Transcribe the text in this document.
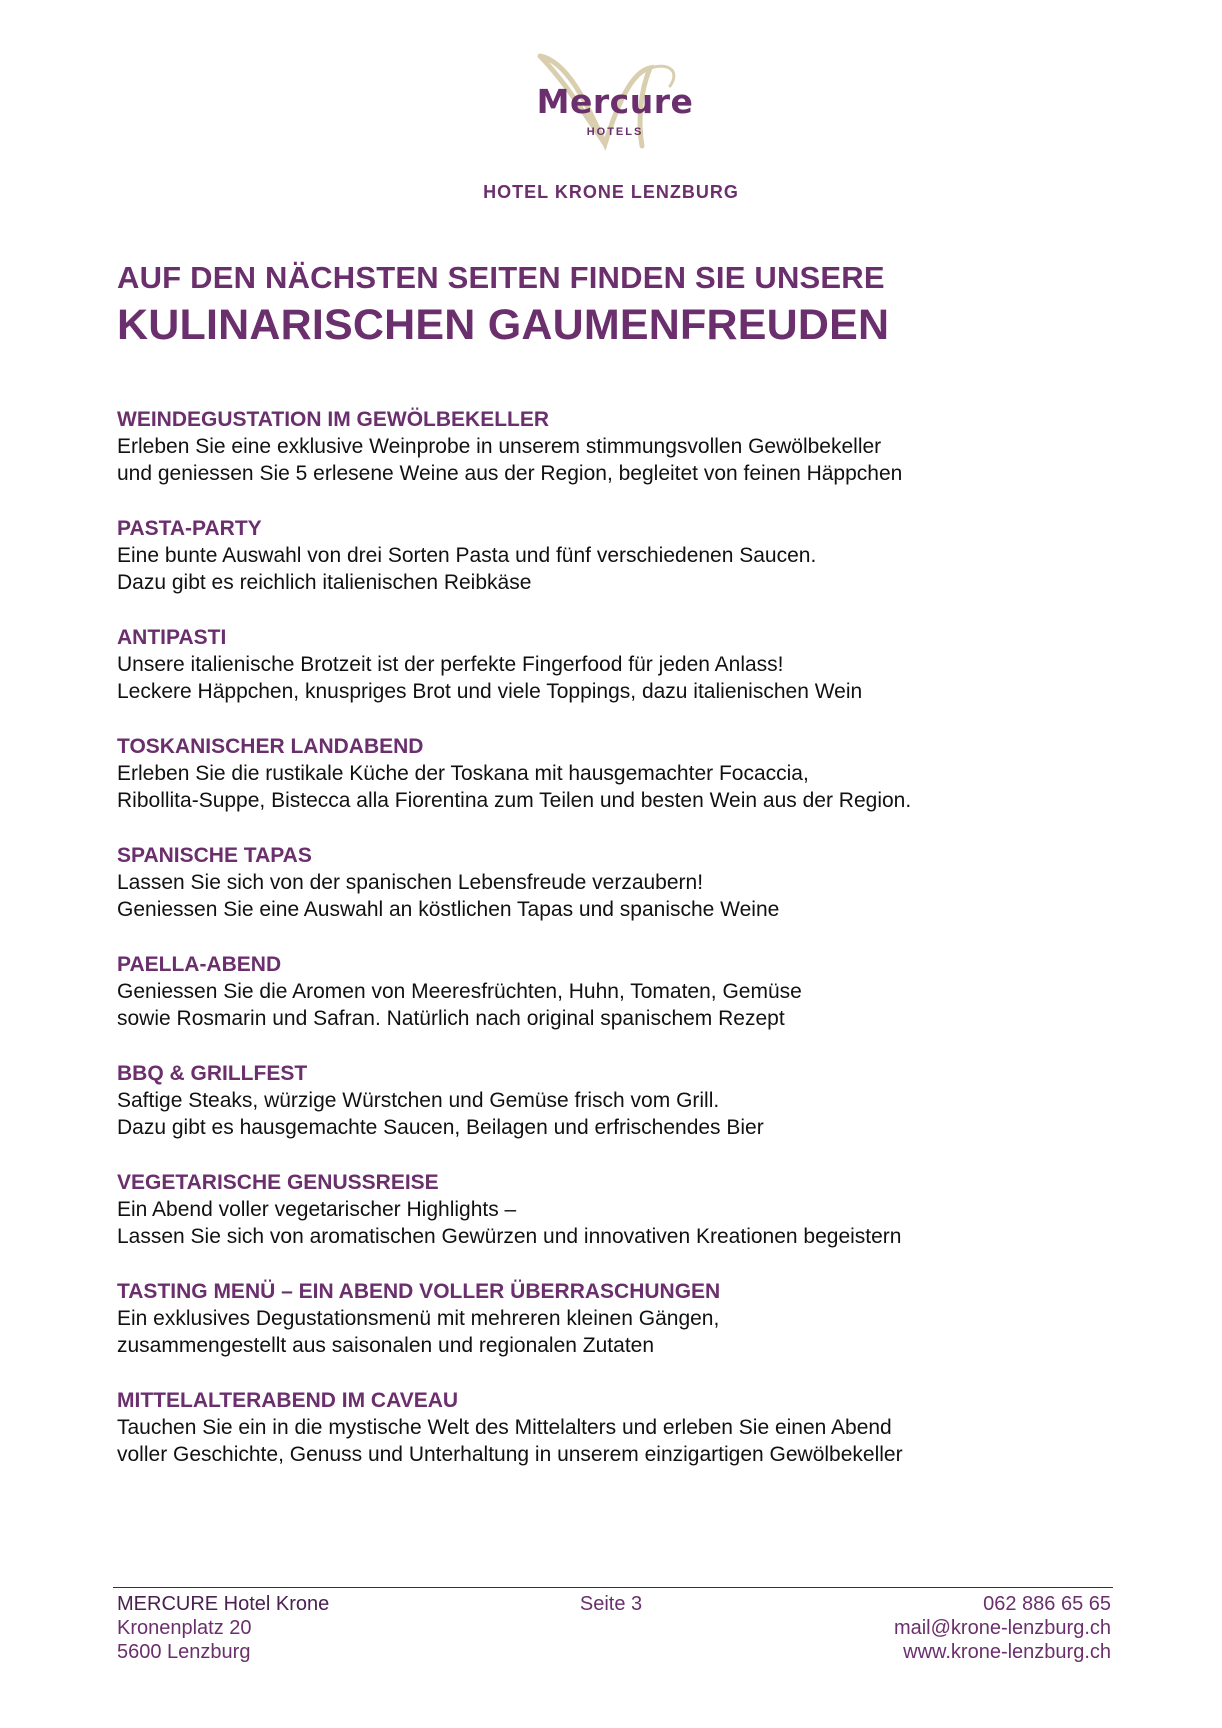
Mercure
HOTELS
HOTEL KRONE LENZBURG
AUF DEN NÄCHSTEN SEITEN FINDEN SIE UNSERE
KULINARISCHEN GAUMENFREUDEN
WEINDEGUSTATION IM GEWÖLBEKELLER
Erleben Sie eine exklusive Weinprobe in unserem stimmungsvollen Gewölbekeller
und geniessen Sie 5 erlesene Weine aus der Region, begleitet von feinen Häppchen
PASTA-PARTY
Eine bunte Auswahl von drei Sorten Pasta und fünf verschiedenen Saucen.
Dazu gibt es reichlich italienischen Reibkäse
ANTIPASTI
Unsere italienische Brotzeit ist der perfekte Fingerfood für jeden Anlass!
Leckere Häppchen, knuspriges Brot und viele Toppings, dazu italienischen Wein
TOSKANISCHER LANDABEND
Erleben Sie die rustikale Küche der Toskana mit hausgemachter Focaccia,
Ribollita-Suppe, Bistecca alla Fiorentina zum Teilen und besten Wein aus der Region.
SPANISCHE TAPAS
Lassen Sie sich von der spanischen Lebensfreude verzaubern!
Geniessen Sie eine Auswahl an köstlichen Tapas und spanische Weine
PAELLA-ABEND
Geniessen Sie die Aromen von Meeresfrüchten, Huhn, Tomaten, Gemüse
sowie Rosmarin und Safran. Natürlich nach original spanischem Rezept
BBQ & GRILLFEST
Saftige Steaks, würzige Würstchen und Gemüse frisch vom Grill.
Dazu gibt es hausgemachte Saucen, Beilagen und erfrischendes Bier
VEGETARISCHE GENUSSREISE
Ein Abend voller vegetarischer Highlights –
Lassen Sie sich von aromatischen Gewürzen und innovativen Kreationen begeistern
TASTING MENÜ – EIN ABEND VOLLER ÜBERRASCHUNGEN
Ein exklusives Degustationsmenü mit mehreren kleinen Gängen,
zusammengestellt aus saisonalen und regionalen Zutaten
MITTELALTERABEND IM CAVEAU
Tauchen Sie ein in die mystische Welt des Mittelalters und erleben Sie einen Abend
voller Geschichte, Genuss und Unterhaltung in unserem einzigartigen Gewölbekeller
MERCURE Hotel Krone
Kronenplatz 20
5600 Lenzburg
Seite 3	062 886 65 65
mail@krone-lenzburg.ch
www.krone-lenzburg.ch
